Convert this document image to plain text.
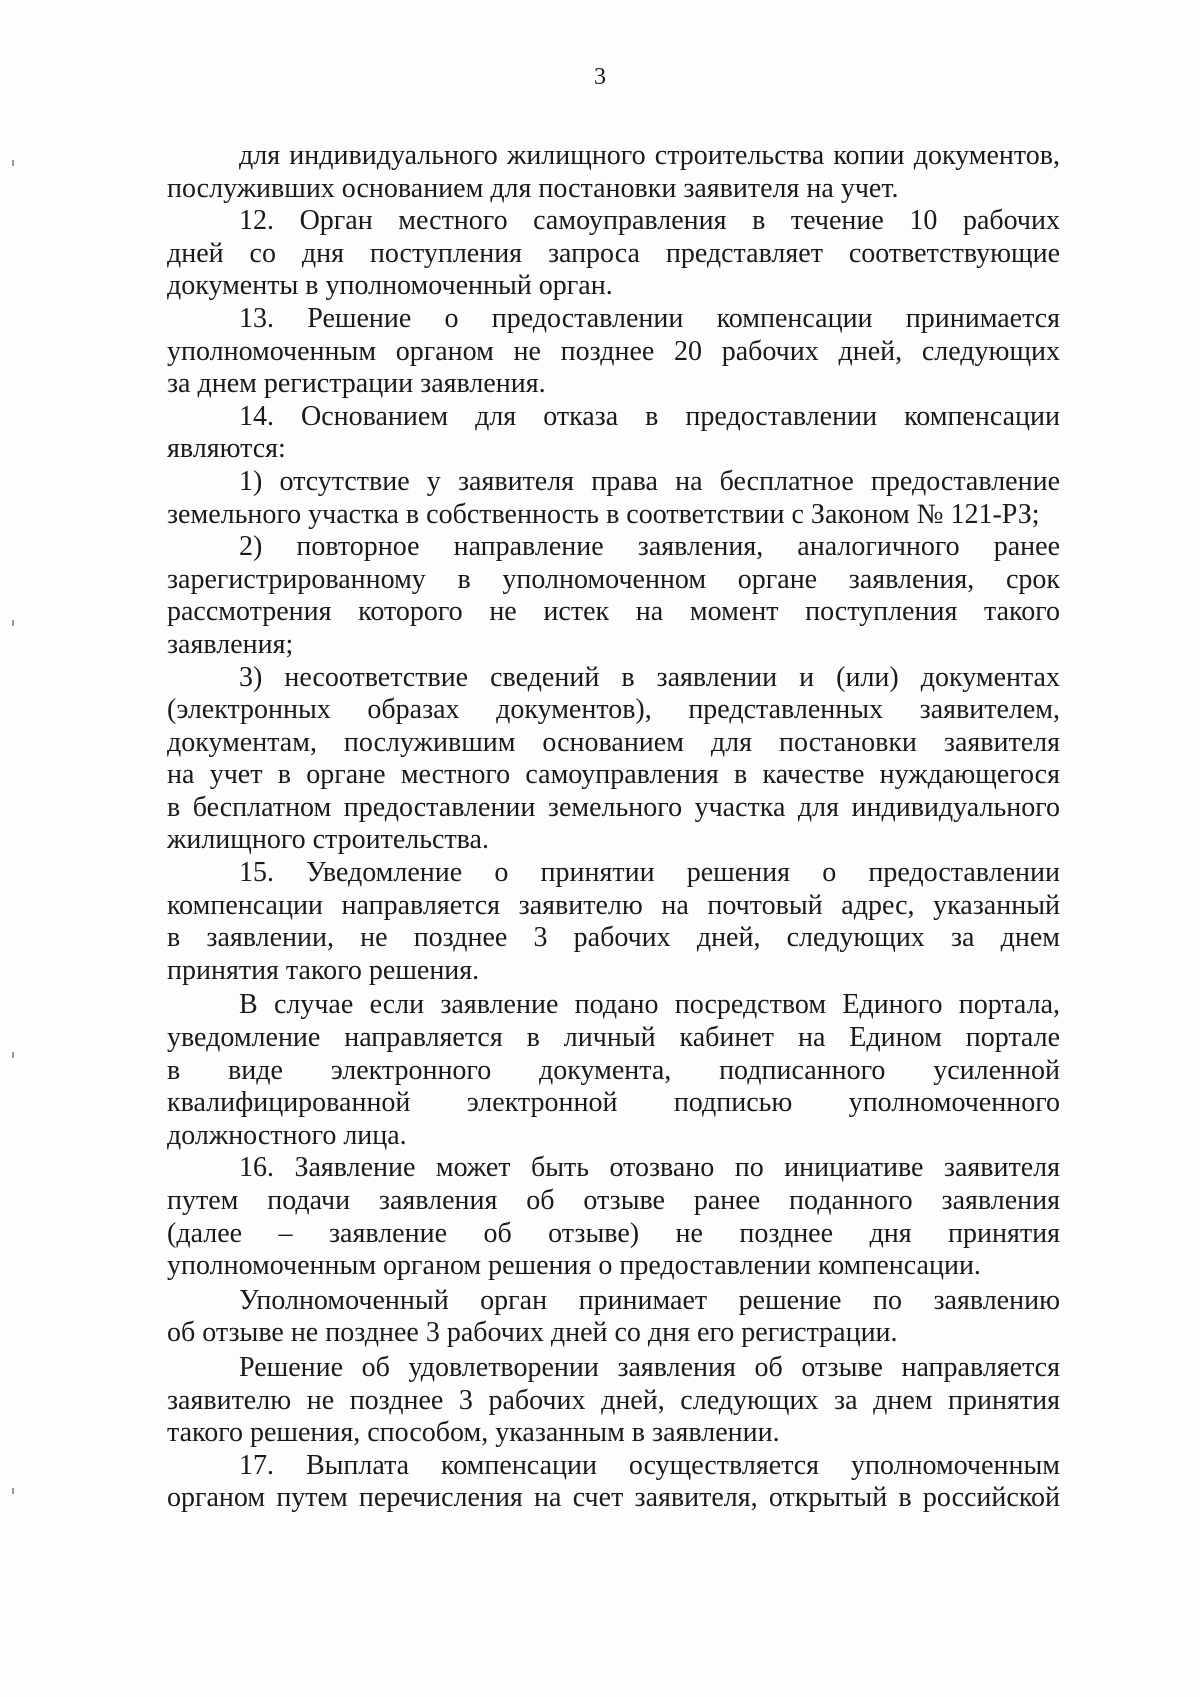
3

для индивидуального жилищного строительства копии документов,

послуживших основанием для постановки заявителя на учет.

12. Орган местного самоуправления в течение 10 рабочих

дней со дня поступления запроса представляет соответствующие

документы в уполномоченный орган.

13. Решение о предоставлении компенсации принимается

уполномоченным органом не позднее 20 рабочих дней, следующих

за днем регистрации заявления.

14. Основанием для отказа в предоставлении компенсации

являются:

1) отсутствие у заявителя права на бесплатное предоставление

земельного участка в собственность в соответствии с Законом № 121-РЗ;

2) повторное направление заявления, аналогичного ранее

зарегистрированному в уполномоченном органе заявления, срок

рассмотрения которого не истек на момент поступления такого

заявления;

3) несоответствие сведений в заявлении и (или) документах

(электронных образах документов), представленных заявителем,

документам, послужившим основанием для постановки заявителя

на учет в органе местного самоуправления в качестве нуждающегося

в бесплатном предоставлении земельного участка для индивидуального

жилищного строительства.

15. Уведомление о принятии решения о предоставлении

компенсации направляется заявителю на почтовый адрес, указанный

в заявлении, не позднее 3 рабочих дней, следующих за днем

принятия такого решения.

В случае если заявление подано посредством Единого портала,

уведомление направляется в личный кабинет на Едином портале

в виде электронного документа, подписанного усиленной

квалифицированной электронной подписью уполномоченного

должностного лица.

16. Заявление может быть отозвано по инициативе заявителя

путем подачи заявления об отзыве ранее поданного заявления

(далее – заявление об отзыве) не позднее дня принятия

уполномоченным органом решения о предоставлении компенсации.

Уполномоченный орган принимает решение по заявлению

об отзыве не позднее 3 рабочих дней со дня его регистрации.

Решение об удовлетворении заявления об отзыве направляется

заявителю не позднее 3 рабочих дней, следующих за днем принятия

такого решения, способом, указанным в заявлении.

17. Выплата компенсации осуществляется уполномоченным

органом путем перечисления на счет заявителя, открытый в российской
